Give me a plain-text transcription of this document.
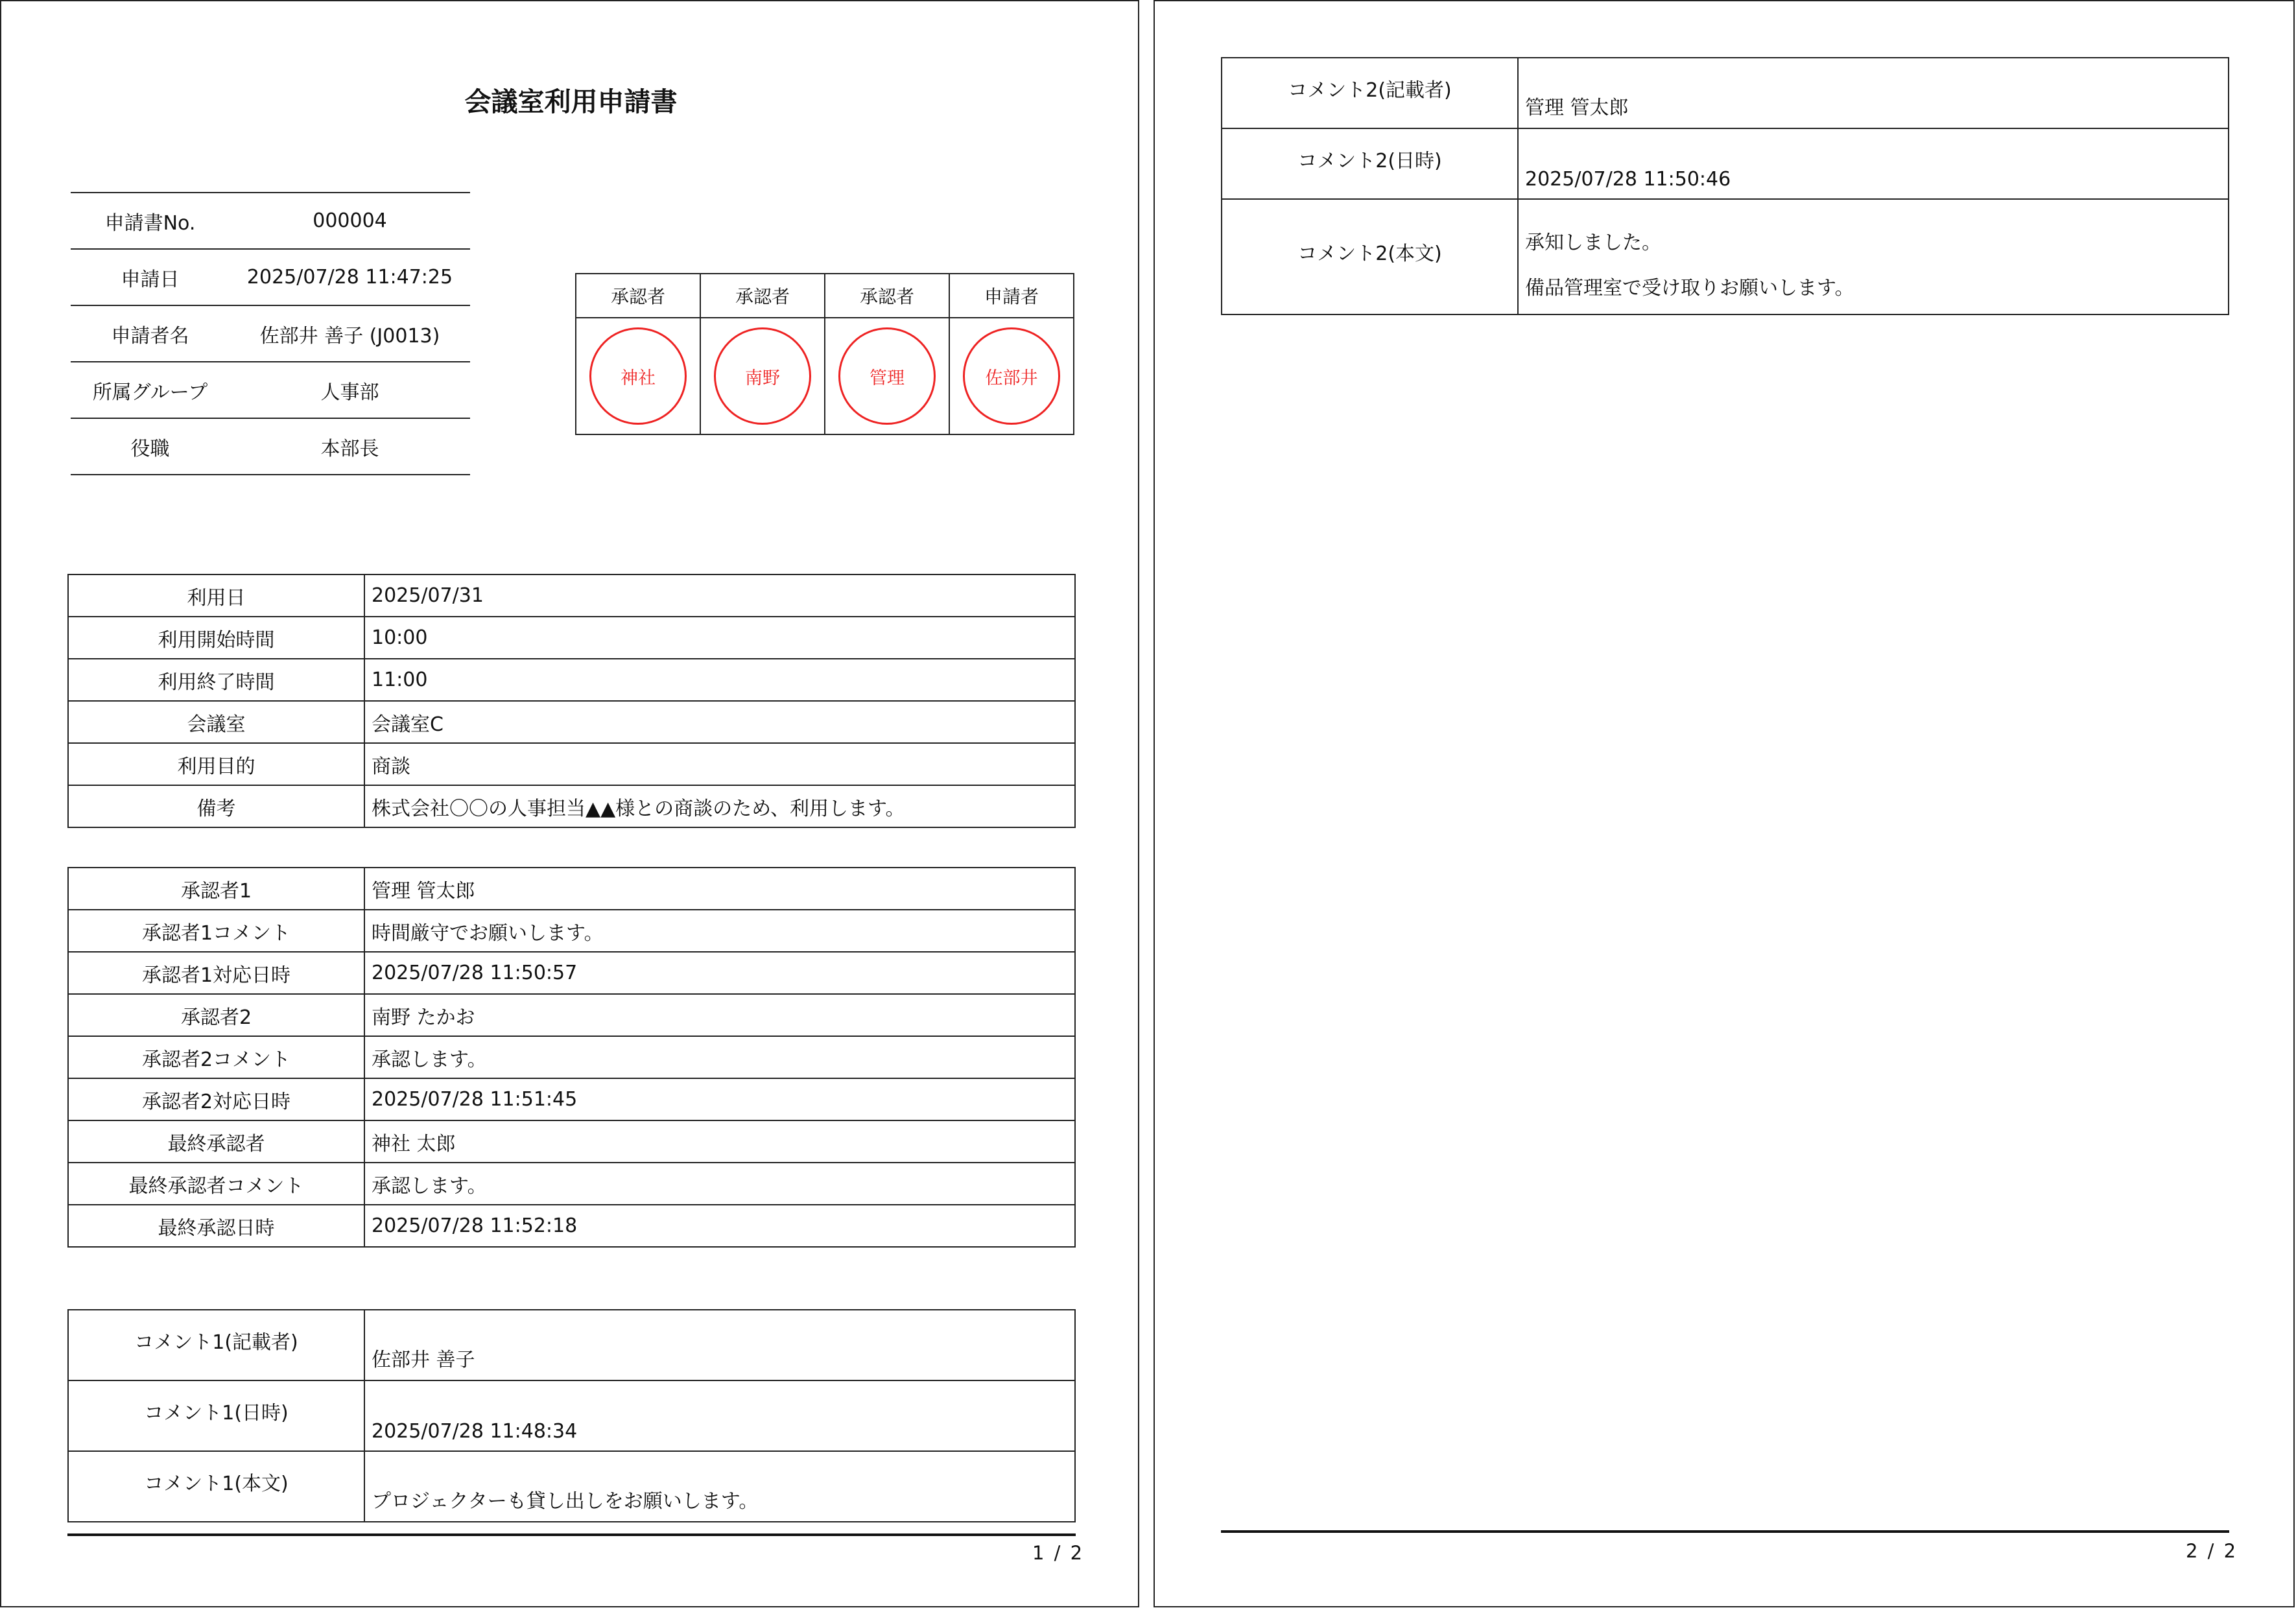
会議室利用申請書
申請書No.	000004
申請日	2025/07/28 11:47:25
申請者名	佐部井 善子 (J0013)
所属グループ	人事部
役職	本部長
承認者	承認者	承認者	申請者
神社	南野	管理	佐部井
利用日	2025/07/31
利用開始時間	10:00
利用終了時間	11:00
会議室	会議室C
利用目的	商談
備考	株式会社〇〇の人事担当▲▲様との商談のため、利用します。
承認者1	管理 管太郎
承認者1コメント	時間厳守でお願いします。
承認者1対応日時	2025/07/28 11:50:57
承認者2	南野 たかお
承認者2コメント	承認します。
承認者2対応日時	2025/07/28 11:51:45
最終承認者	神社 太郎
最終承認者コメント	承認します。
最終承認日時	2025/07/28 11:52:18
コメント1(記載者)	佐部井 善子
コメント1(日時)	2025/07/28 11:48:34
コメント1(本文)	プロジェクターも貸し出しをお願いします。
1 / 2
コメント2(記載者)	管理 管太郎
コメント2(日時)	2025/07/28 11:50:46
コメント2(本文)	承知しました。
備品管理室で受け取りお願いします。
2 / 2
